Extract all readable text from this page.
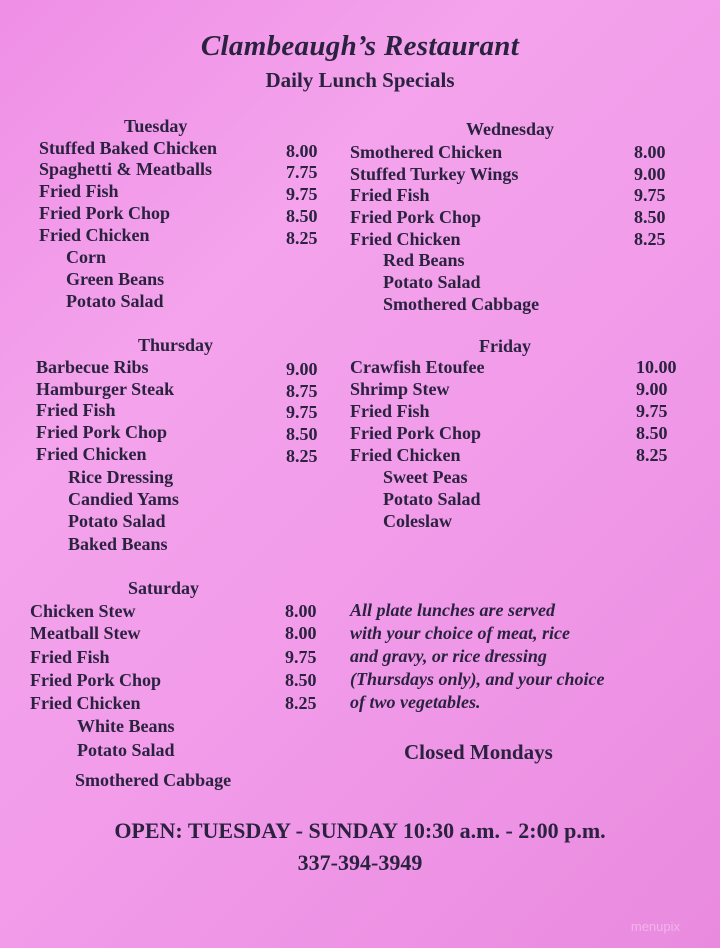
Clambeaugh’s Restaurant
Daily Lunch Specials
Tuesday
Stuffed Baked Chicken	8.00
Spaghetti & Meatballs	7.75
Fried Fish	9.75
Fried Pork Chop	8.50
Fried Chicken	8.25
Corn
Green Beans
Potato Salad
Wednesday
Smothered Chicken	8.00
Stuffed Turkey Wings	9.00
Fried Fish	9.75
Fried Pork Chop	8.50
Fried Chicken	8.25
Red Beans
Potato Salad
Smothered Cabbage
Thursday
Barbecue Ribs	9.00
Hamburger Steak	8.75
Fried Fish	9.75
Fried Pork Chop	8.50
Fried Chicken	8.25
Rice Dressing
Candied Yams
Potato Salad
Baked Beans
Friday
Crawfish Etoufee	10.00
Shrimp Stew	9.00
Fried Fish	9.75
Fried Pork Chop	8.50
Fried Chicken	8.25
Sweet Peas
Potato Salad
Coleslaw
Saturday
Chicken Stew	8.00
Meatball Stew	8.00
Fried Fish	9.75
Fried Pork Chop	8.50
Fried Chicken	8.25
White Beans
Potato Salad
Smothered Cabbage
All plate lunches are served
with your choice of meat, rice
and gravy, or rice dressing
(Thursdays only), and your choice
of two vegetables.
Closed Mondays
OPEN: TUESDAY - SUNDAY 10:30 a.m. - 2:00 p.m.
337-394-3949
menupix
